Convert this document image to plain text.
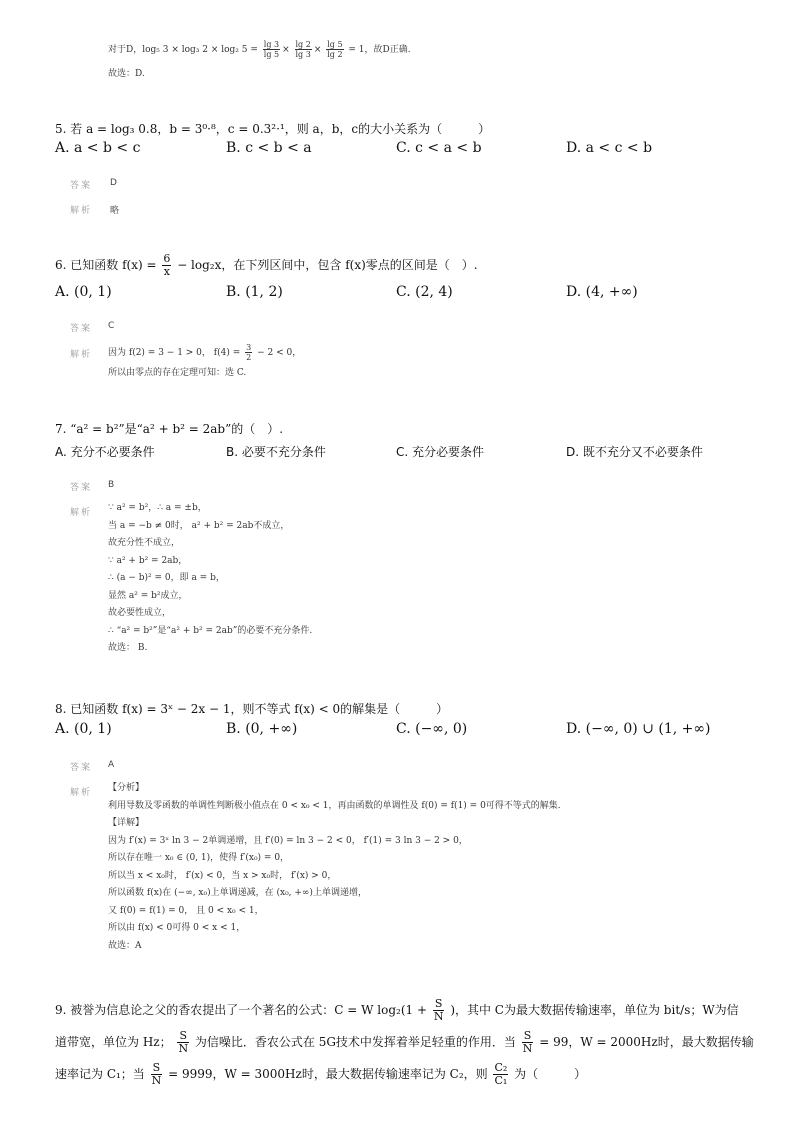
对于D，log₅ 3 × log₃ 2 × log₂ $5 = \frac{\lg 3}{\lg 5} \times \frac{\lg 2}{\lg 3} \times \frac{\lg 5}{\lg 2} = 1$，故D正确.
故选：D.
5. 若 a = log₃ 0.8，b = 3⁰·⁸，c = 0.3²·¹，则 a，b，c的大小关系为（　　　）
A. a < b < c	B. c < b < a	C. c < a < b	D. a < c < b
答案 D
解析 略
6. 已知函数 $f(x) = \frac{6}{x} - \log_2x$，在下列区间中，包含 f(x)零点的区间是（　）.
A. (0, 1)	B. (1, 2)	C. (2, 4)	D. (4, +∞)
答案 C
解析 因为 f(2) = 3 − 1 > 0， $f(4) = \frac{3}{2} - 2 < 0$，
所以由零点的存在定理可知：选 C.
7. “a² = b²”是“a² + b² = 2ab”的（　）.
A. 充分不必要条件	B. 必要不充分条件	C. 充分必要条件	D. 既不充分又不必要条件
答案 B
解析 ∵ a² = b²，∴ a = ±b，
当 a = −b ≠ 0时， a² + b² = 2ab不成立，
故充分性不成立，
∵ a² + b² = 2ab，
∴ (a − b)² = 0，即 a = b，
显然 a² = b²成立，
故必要性成立，
∴ “a² = b²”是“a² + b² = 2ab”的必要不充分条件.
故选： B.
8. 已知函数 f(x) = 3ˣ − 2x − 1，则不等式 f(x) < 0的解集是（　　　）
A. (0, 1)	B. (0, +∞)	C. (−∞, 0)	D. (−∞, 0) ∪ (1, +∞)
答案 A
解析 【分析】
利用导数及零函数的单调性判断极小值点在 0 < x₀ < 1，再由函数的单调性及 f(0) = f(1) = 0可得不等式的解集.
【详解】
因为 f′(x) = 3ˣ ln 3 − 2单调递增，且 f′(0) = ln 3 − 2 < 0， f′(1) = 3 ln 3 − 2 > 0，
所以存在唯一 x₀ ∈ (0, 1)，使得 f′(x₀) = 0，
所以当 x < x₀时， f′(x) < 0，当 x > x₀时， f′(x) > 0，
所以函数 f(x)在 (−∞, x₀)上单调递减，在 (x₀, +∞)上单调递增，
又 f(0) = f(1) = 0， 且 0 < x₀ < 1，
所以由 f(x) < 0可得 0 < x < 1，
故选：A
9. 被誉为信息论之父的香农提出了一个著名的公式：C = W $\log_2(1 + \frac{S}{N}$ )，其中 C为最大数据传输速率，单位为 bit/s；W为信
道带宽，单位为 Hz； $\frac{S}{N}$ 为信噪比．香农公式在 5G技术中发挥着举足轻重的作用．当 $\frac{S}{N} = 99$，W = 2000Hz时，最大数据传输
速率记为 C₁；当 $\frac{S}{N} = 9999$，W = 3000Hz时，最大数据传输速率记为 C₂，则 $\frac{\text{C₂}}{\text{C₁}}$ 为（　　　）
